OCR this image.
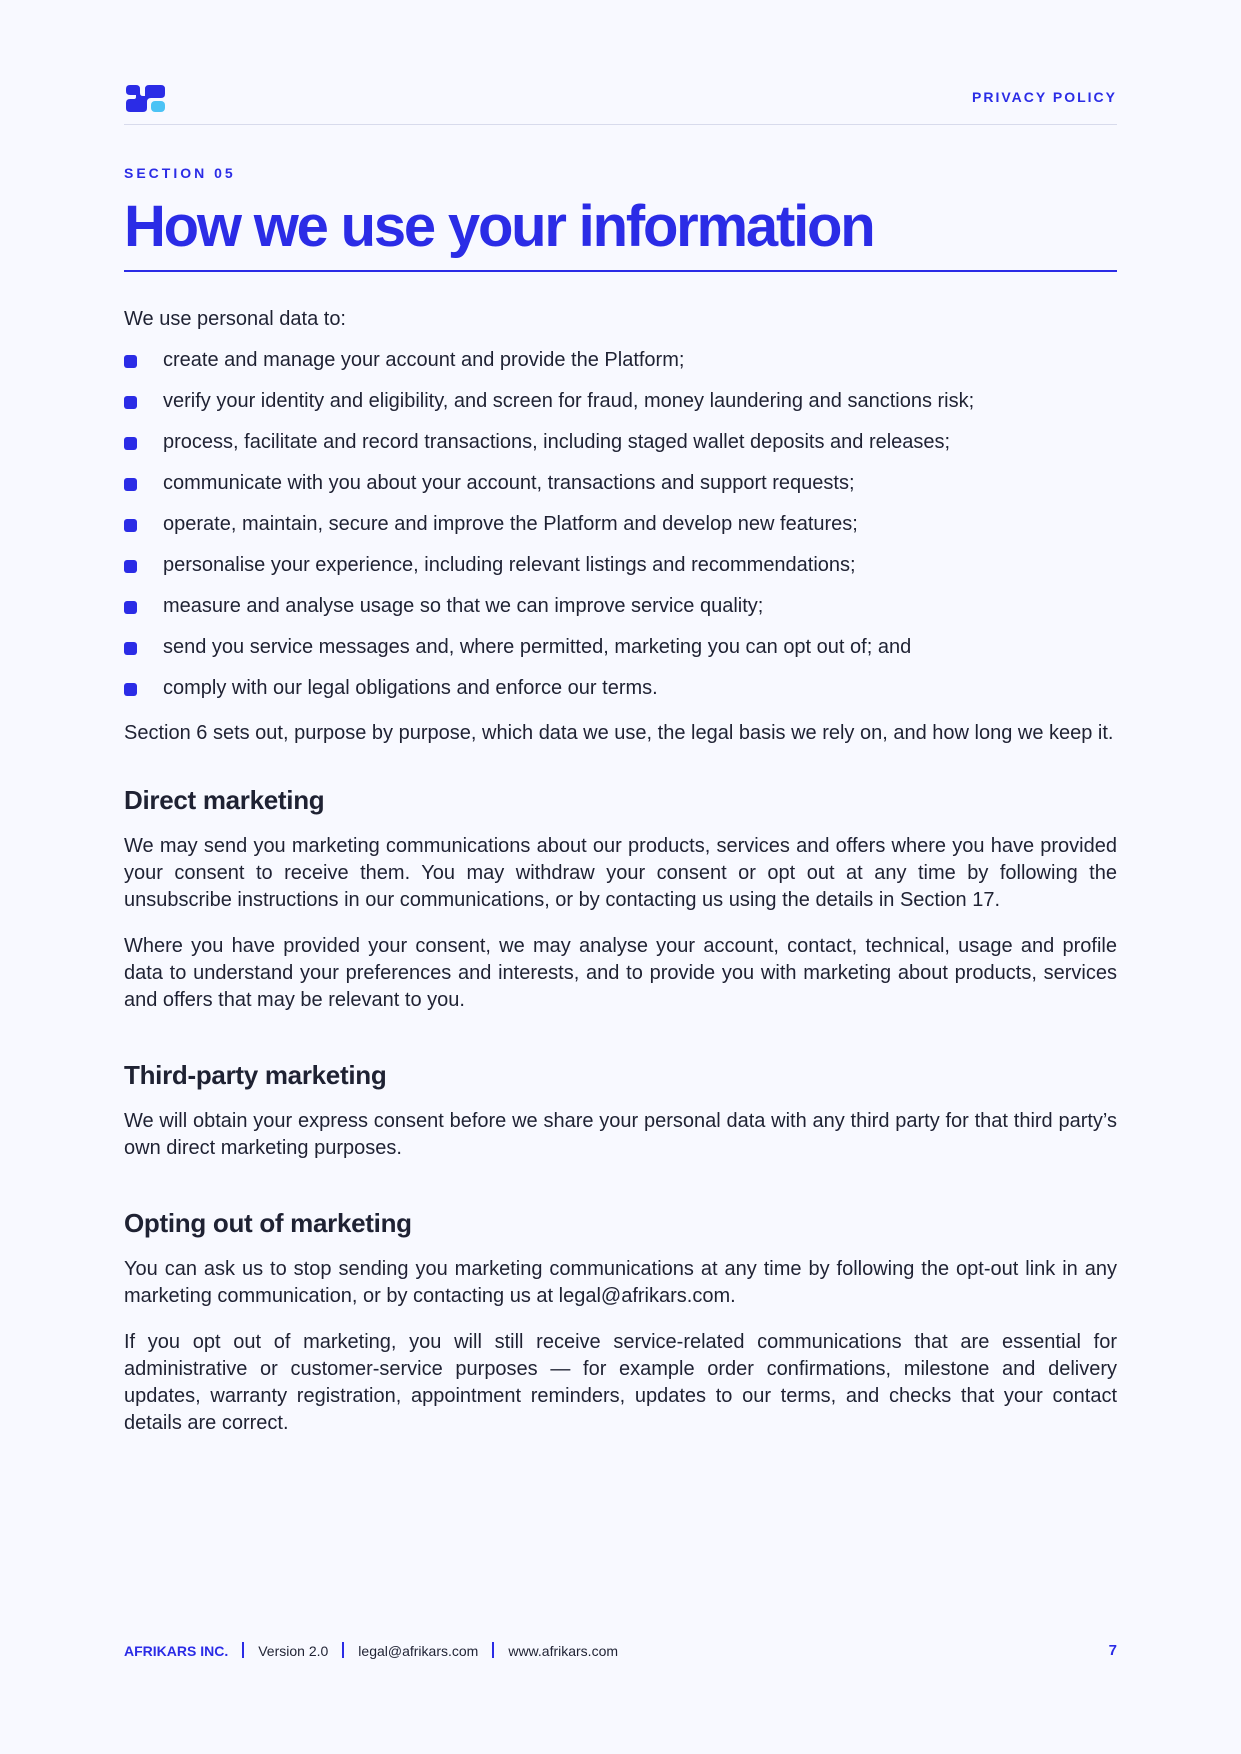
PRIVACY POLICY
SECTION 05
How we use your information

We use personal data to:

create and manage your account and provide the Platform;
verify your identity and eligibility, and screen for fraud, money laundering and sanctions risk;
process, facilitate and record transactions, including staged wallet deposits and releases;
communicate with you about your account, transactions and support requests;
operate, maintain, secure and improve the Platform and develop new features;
personalise your experience, including relevant listings and recommendations;
measure and analyse usage so that we can improve service quality;
send you service messages and, where permitted, marketing you can opt out of; and
comply with our legal obligations and enforce our terms.

Section 6 sets out, purpose by purpose, which data we use, the legal basis we rely on, and how long we keep it.

Direct marketing

We may send you marketing communications about our products, services and offers where you have provided your consent to receive them. You may withdraw your consent or opt out at any time by following the unsubscribe instructions in our communications, or by contacting us using the details in Section 17.

Where you have provided your consent, we may analyse your account, contact, technical, usage and profile data to understand your preferences and interests, and to provide you with marketing about products, services and offers that may be relevant to you.

Third-party marketing

We will obtain your express consent before we share your personal data with any third party for that third party’s own direct marketing purposes.

Opting out of marketing

You can ask us to stop sending you marketing communications at any time by following the opt-out link in any marketing communication, or by contacting us at legal@afrikars.com.

If you opt out of marketing, you will still receive service-related communications that are essential for administrative or customer-service purposes — for example order confirmations, milestone and delivery updates, warranty registration, appointment reminders, updates to our terms, and checks that your contact details are correct.

AFRIKARS INC. Version 2.0 legal@afrikars.com www.afrikars.com	7
